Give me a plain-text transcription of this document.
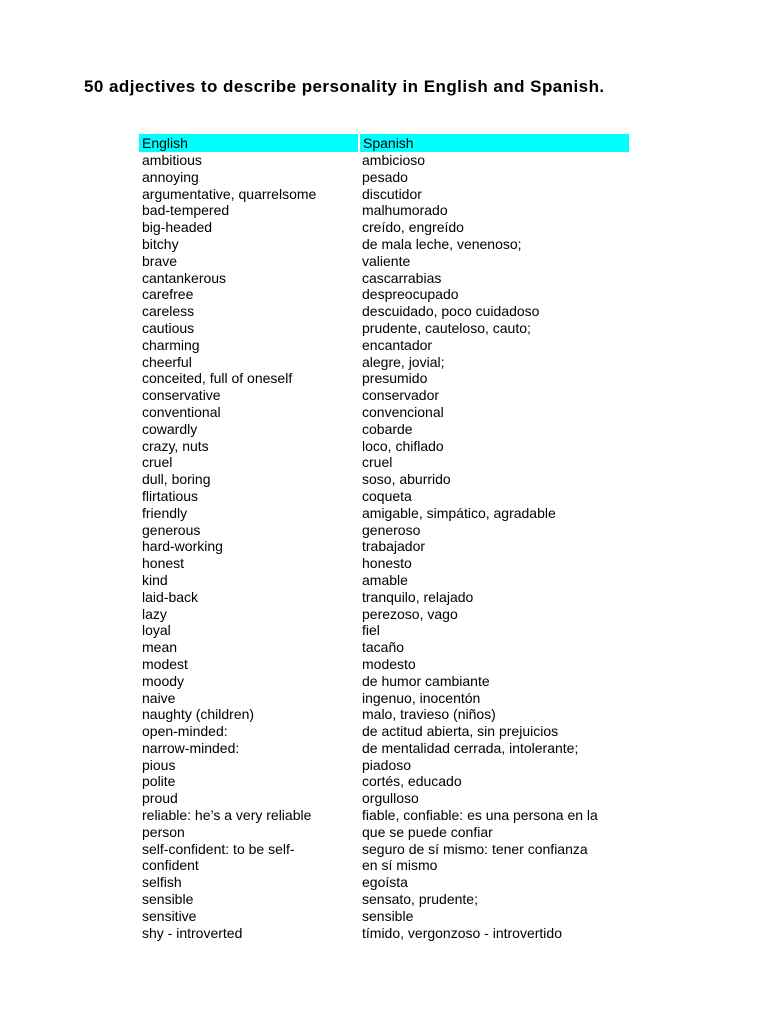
50 adjectives to describe personality in English and Spanish.
English	Spanish
ambitious	ambicioso
annoying	pesado
argumentative, quarrelsome	discutidor
bad-tempered	malhumorado
big-headed	creído, engreído
bitchy	de mala leche, venenoso;
brave	valiente
cantankerous	cascarrabias
carefree	despreocupado
careless	descuidado, poco cuidadoso
cautious	prudente, cauteloso, cauto;
charming	encantador
cheerful	alegre, jovial;
conceited, full of oneself	presumido
conservative	conservador
conventional	convencional
cowardly	cobarde
crazy, nuts	loco, chiflado
cruel	cruel
dull, boring	soso, aburrido
flirtatious	coqueta
friendly	amigable, simpático, agradable
generous	generoso
hard-working	trabajador
honest	honesto
kind	amable
laid-back	tranquilo, relajado
lazy	perezoso, vago
loyal	fiel
mean	tacaño
modest	modesto
moody	de humor cambiante
naive	ingenuo, inocentón
naughty (children)	malo, travieso (niños)
open-minded:	de actitud abierta, sin prejuicios
narrow-minded:	de mentalidad cerrada, intolerante;
pious	piadoso
polite	cortés, educado
proud	orgulloso
reliable: he’s a very reliable	fiable, confiable: es una persona en la
person	que se puede confiar
self-confident: to be self-	seguro de sí mismo: tener confianza
confident	en sí mismo
selfish	egoísta
sensible	sensato, prudente;
sensitive	sensible
shy - introverted	tímido, vergonzoso - introvertido
